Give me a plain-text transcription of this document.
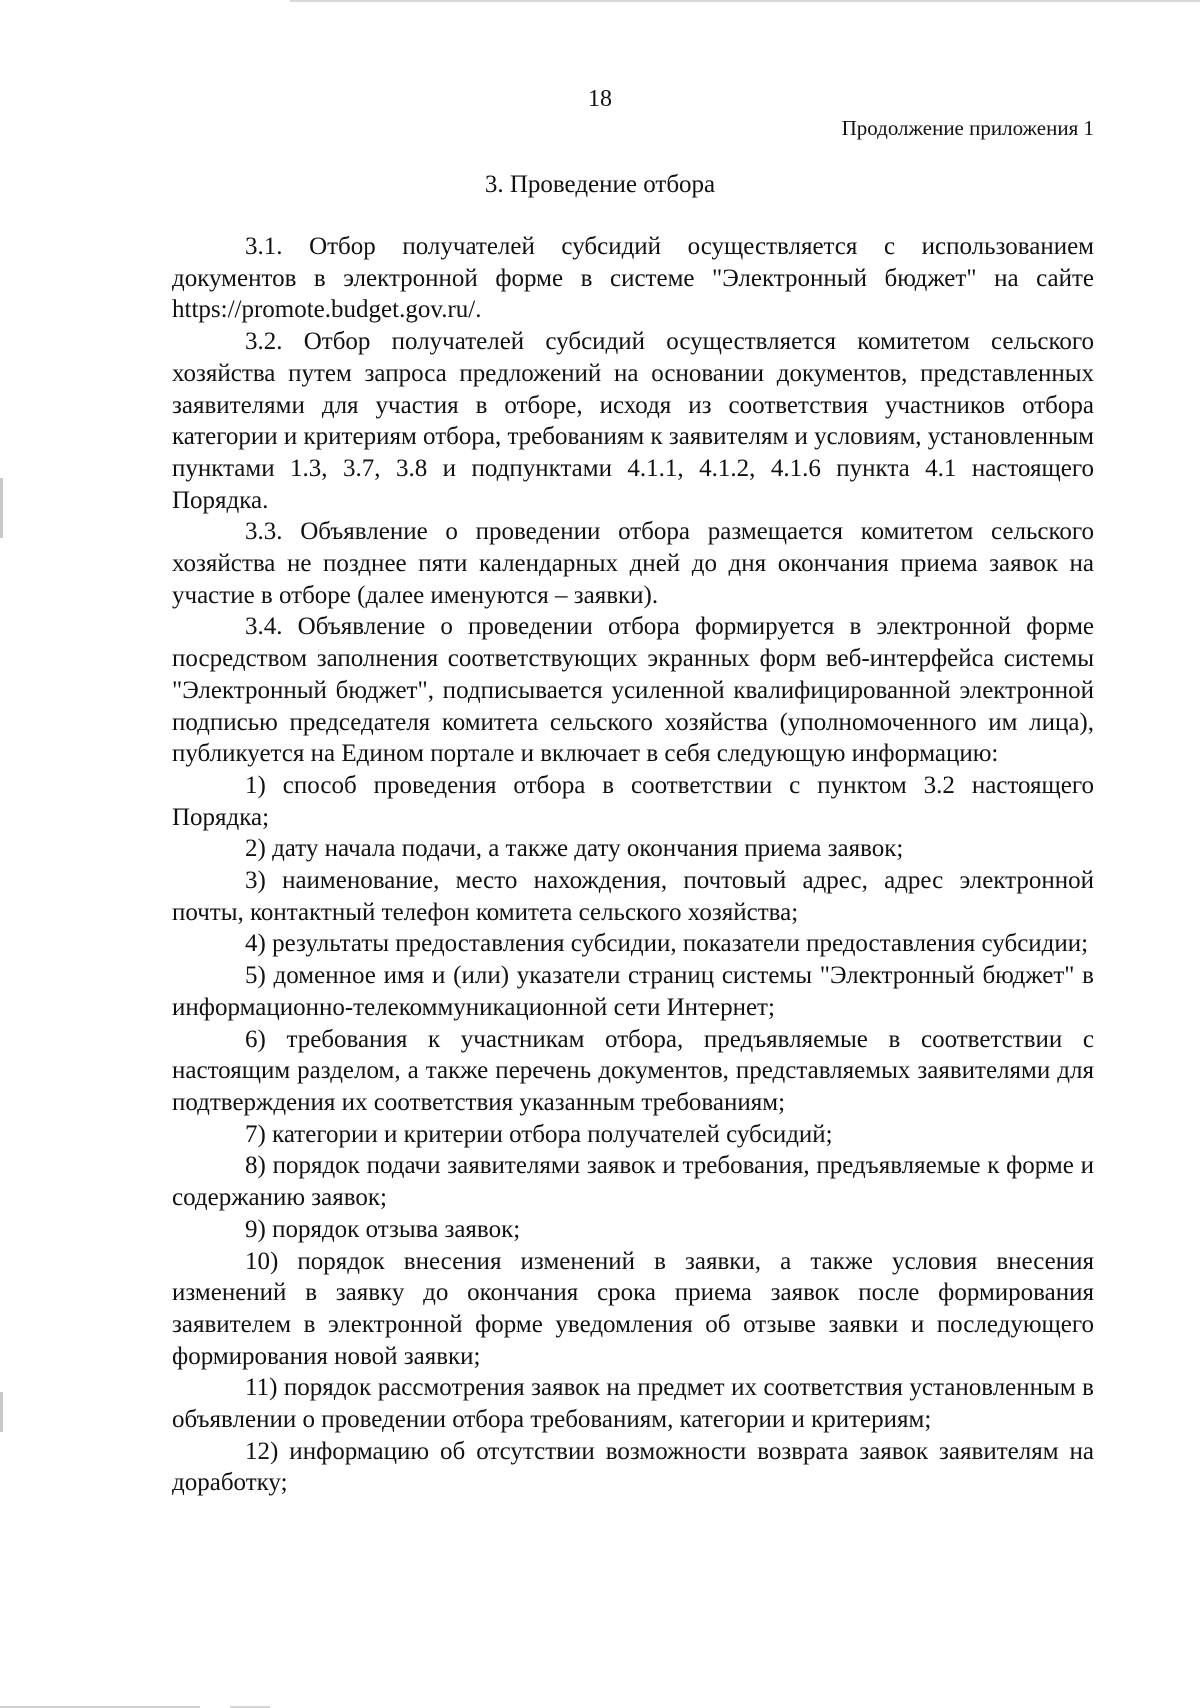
18
Продолжение приложения 1
3. Проведение отбора

3.1. Отбор получателей субсидий осуществляется с использованием документов в электронной форме в системе "Электронный бюджет" на сайте https://promote.budget.gov.ru/.

3.2. Отбор получателей субсидий осуществляется комитетом сельского хозяйства путем запроса предложений на основании документов, представленных заявителями для участия в отборе, исходя из соответствия участников отбора категории и критериям отбора, требованиям к заявителям и условиям, установленным пунктами 1.3, 3.7, 3.8 и подпунктами 4.1.1, 4.1.2, 4.1.6 пункта 4.1 настоящего Порядка.

3.3. Объявление о проведении отбора размещается комитетом сельского хозяйства не позднее пяти календарных дней до дня окончания приема заявок на участие в отборе (далее именуются – заявки).

3.4. Объявление о проведении отбора формируется в электронной форме посредством заполнения соответствующих экранных форм веб-интерфейса системы "Электронный бюджет", подписывается усиленной квалифицированной электронной подписью председателя комитета сельского хозяйства (уполномоченного им лица), публикуется на Едином портале и включает в себя следующую информацию:

1) способ проведения отбора в соответствии с пунктом 3.2 настоящего Порядка;

2) дату начала подачи, а также дату окончания приема заявок;

3) наименование, место нахождения, почтовый адрес, адрес электронной почты, контактный телефон комитета сельского хозяйства;

4) результаты предоставления субсидии, показатели предоставления субсидии;

5) доменное имя и (или) указатели страниц системы "Электронный бюджет" в информационно-телекоммуникационной сети Интернет;

6) требования к участникам отбора, предъявляемые в соответствии с настоящим разделом, а также перечень документов, представляемых заявителями для подтверждения их соответствия указанным требованиям;

7) категории и критерии отбора получателей субсидий;

8) порядок подачи заявителями заявок и требования, предъявляемые к форме и содержанию заявок;

9) порядок отзыва заявок;

10) порядок внесения изменений в заявки, а также условия внесения изменений в заявку до окончания срока приема заявок после формирования заявителем в электронной форме уведомления об отзыве заявки и последующего формирования новой заявки;

11) порядок рассмотрения заявок на предмет их соответствия установленным в объявлении о проведении отбора требованиям, категории и критериям;

12) информацию об отсутствии возможности возврата заявок заявителям на доработку;
